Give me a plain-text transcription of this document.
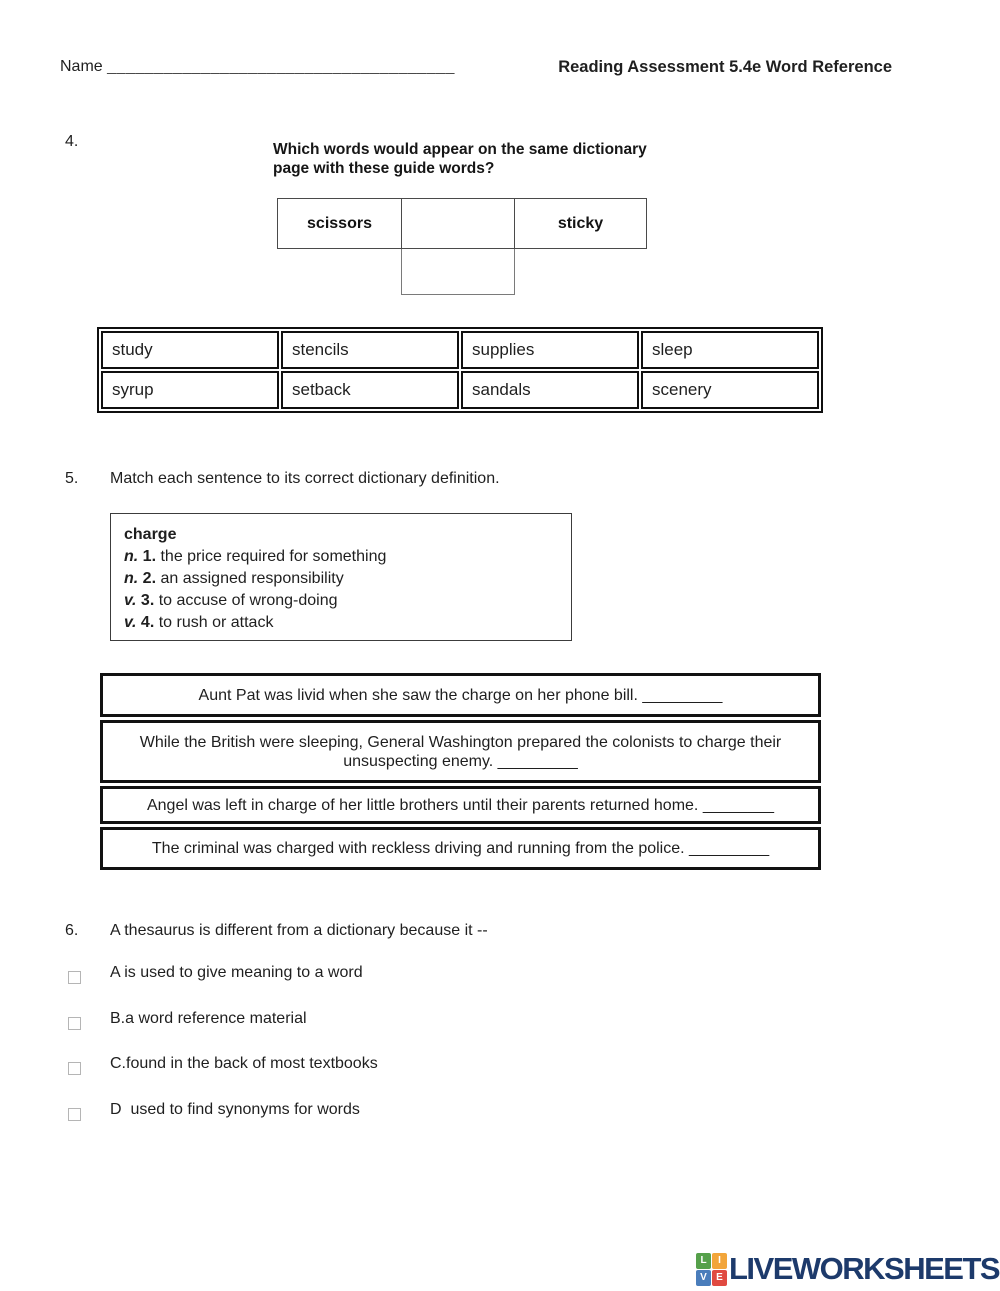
Name _____________________________________	Reading Assessment 5.4e Word Reference
4.	Which words would appear on the same dictionary page with these guide words?
scissors	sticky
study	stencils	supplies	sleep
syrup	setback	sandals	scenery
5. Match each sentence to its correct dictionary definition.
charge
n. 1. the price required for something
n. 2. an assigned responsibility
v. 3. to accuse of wrong-doing
v. 4. to rush or attack
Aunt Pat was livid when she saw the charge on her phone bill. _________
While the British were sleeping, General Washington prepared the colonists to charge their unsuspecting enemy. _________
Angel was left in charge of her little brothers until their parents returned home. ________
The criminal was charged with reckless driving and running from the police. _________
6. A thesaurus is different from a dictionary because it --
A is used to give meaning to a word
B.a word reference material
C.found in the back of most textbooks
D  used to find synonyms for words
L	I
V E LIVEWORKSHEETS
